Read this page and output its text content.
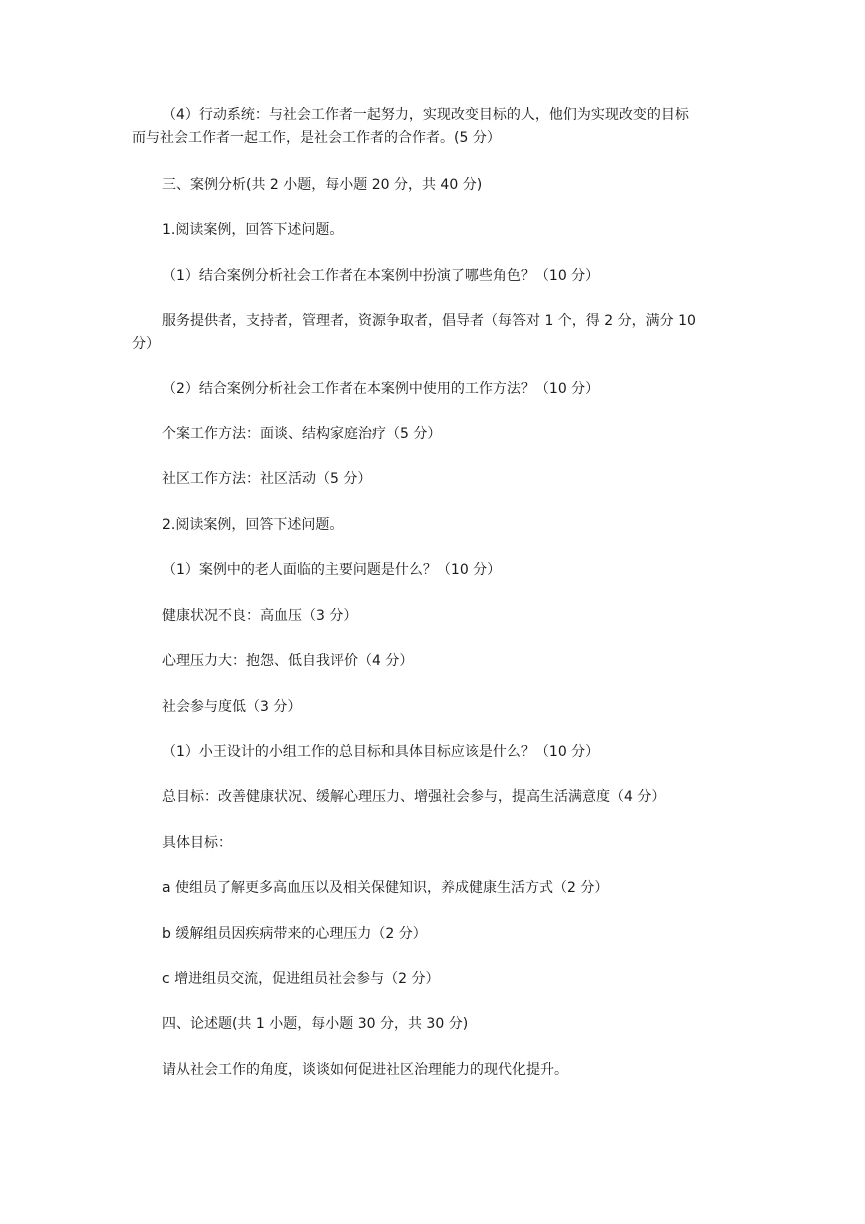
（4）行动系统：与社会工作者一起努力，实现改变目标的人，他们为实现改变的目标
而与社会工作者一起工作，是社会工作者的合作者。(5 分）
三、案例分析(共 2 小题，每小题 20 分，共 40 分)
1.阅读案例，回答下述问题。
（1）结合案例分析社会工作者在本案例中扮演了哪些角色？（10 分）
服务提供者，支持者，管理者，资源争取者，倡导者（每答对 1 个，得 2 分，满分 10
分）
（2）结合案例分析社会工作者在本案例中使用的工作方法？（10 分）
个案工作方法：面谈、结构家庭治疗（5 分）
社区工作方法：社区活动（5 分）
2.阅读案例，回答下述问题。
（1）案例中的老人面临的主要问题是什么？（10 分）
健康状况不良：高血压（3 分）
心理压力大：抱怨、低自我评价（4 分）
社会参与度低（3 分）
（1）小王设计的小组工作的总目标和具体目标应该是什么？（10 分）
总目标：改善健康状况、缓解心理压力、增强社会参与，提高生活满意度（4 分）
具体目标：
a 使组员了解更多高血压以及相关保健知识，养成健康生活方式（2 分）
b 缓解组员因疾病带来的心理压力（2 分）
c 增进组员交流，促进组员社会参与（2 分）
四、论述题(共 1 小题，每小题 30 分，共 30 分)
请从社会工作的角度，谈谈如何促进社区治理能力的现代化提升。
